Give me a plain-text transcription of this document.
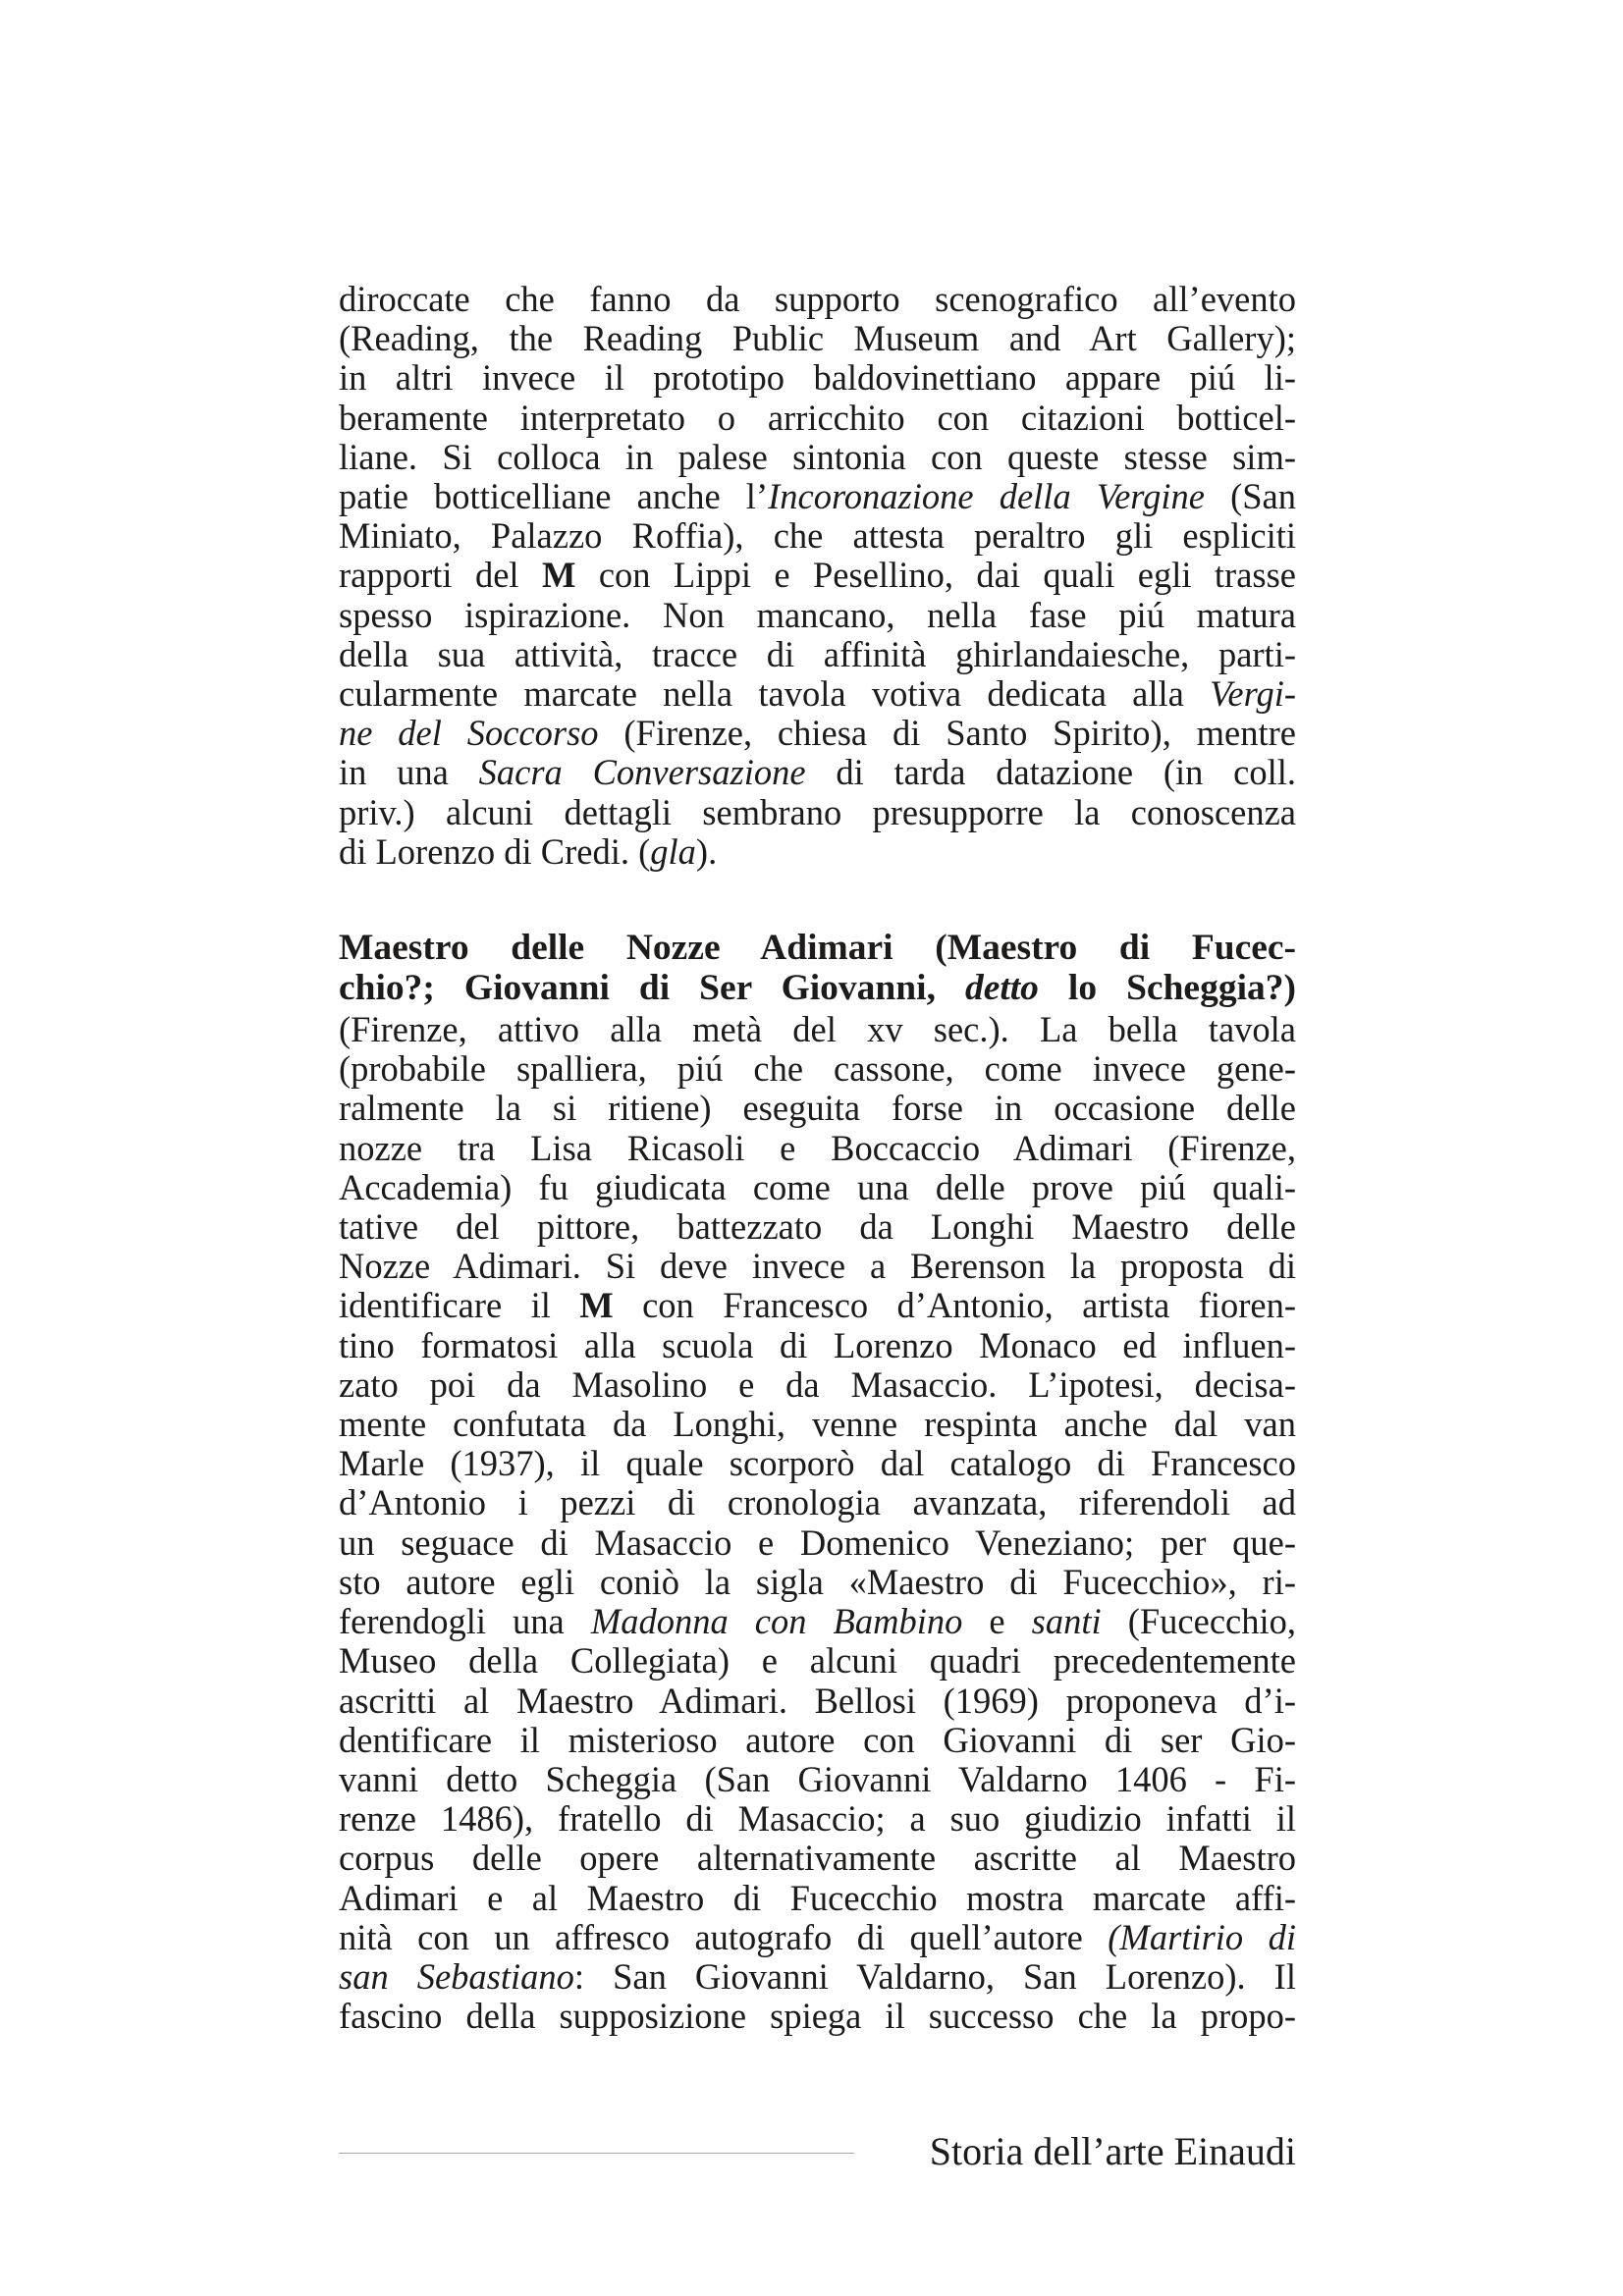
diroccate che fanno da supporto scenografico all’evento
(Reading, the Reading Public Museum and Art Gallery);
in altri invece il prototipo baldovinettiano appare piú li-
beramente interpretato o arricchito con citazioni botticel-
liane. Si colloca in palese sintonia con queste stesse sim-
patie botticelliane anche l’Incoronazione della Vergine (San
Miniato, Palazzo Roffia), che attesta peraltro gli espliciti
rapporti del M con Lippi e Pesellino, dai quali egli trasse
spesso ispirazione. Non mancano, nella fase piú matura
della sua attività, tracce di affinità ghirlandaiesche, parti-
cularmente marcate nella tavola votiva dedicata alla Vergi-
ne del Soccorso (Firenze, chiesa di Santo Spirito), mentre
in una Sacra Conversazione di tarda datazione (in coll.
priv.) alcuni dettagli sembrano presupporre la conoscenza
di Lorenzo di Credi. (gla).
Maestro delle Nozze Adimari (Maestro di Fucec-
chio?; Giovanni di Ser Giovanni, detto lo Scheggia?)
(Firenze, attivo alla metà del xv sec.). La bella tavola
(probabile spalliera, piú che cassone, come invece gene-
ralmente la si ritiene) eseguita forse in occasione delle
nozze tra Lisa Ricasoli e Boccaccio Adimari (Firenze,
Accademia) fu giudicata come una delle prove piú quali-
tative del pittore, battezzato da Longhi Maestro delle
Nozze Adimari. Si deve invece a Berenson la proposta di
identificare il M con Francesco d’Antonio, artista fioren-
tino formatosi alla scuola di Lorenzo Monaco ed influen-
zato poi da Masolino e da Masaccio. L’ipotesi, decisa-
mente confutata da Longhi, venne respinta anche dal van
Marle (1937), il quale scorporò dal catalogo di Francesco
d’Antonio i pezzi di cronologia avanzata, riferendoli ad
un seguace di Masaccio e Domenico Veneziano; per que-
sto autore egli coniò la sigla «Maestro di Fucecchio», ri-
ferendogli una Madonna con Bambino e santi (Fucecchio,
Museo della Collegiata) e alcuni quadri precedentemente
ascritti al Maestro Adimari. Bellosi (1969) proponeva d’i-
dentificare il misterioso autore con Giovanni di ser Gio-
vanni detto Scheggia (San Giovanni Valdarno 1406 - Fi-
renze 1486), fratello di Masaccio; a suo giudizio infatti il
corpus delle opere alternativamente ascritte al Maestro
Adimari e al Maestro di Fucecchio mostra marcate affi-
nità con un affresco autografo di quell’autore (Martirio di
san Sebastiano: San Giovanni Valdarno, San Lorenzo). Il
fascino della supposizione spiega il successo che la propo-
Storia dell’arte Einaudi
